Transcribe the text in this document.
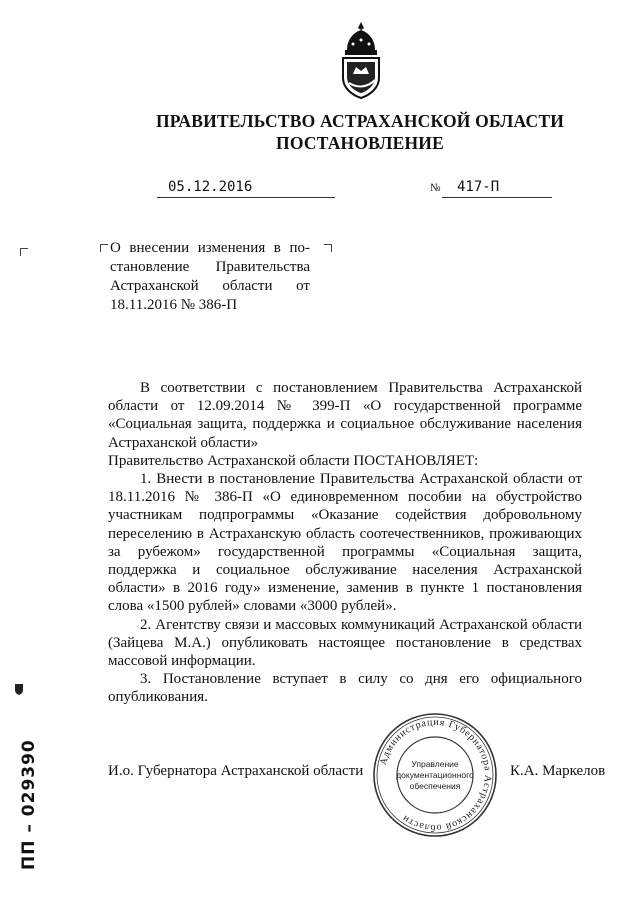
ПРАВИТЕЛЬСТВО АСТРАХАНСКОЙ ОБЛАСТИ
ПОСТАНОВЛЕНИЕ
05.12.2016	№ 417-П
О внесении изменения в по-
становление Правительства
Астраханской области от
18.11.2016 № 386-П

В соответствии с постановлением Правительства Астраханской области от 12.09.2014 № 399-П «О государственной программе «Социальная защита, поддержка и социальное обслуживание населения Астраханской области»

Правительство Астраханской области ПОСТАНОВЛЯЕТ:

1. Внести в постановление Правительства Астраханской области от 18.11.2016 № 386-П «О единовременном пособии на обустройство участникам подпрограммы «Оказание содействия добровольному переселению в Астраханскую область соотечественников, проживающих за рубежом» государственной программы «Социальная защита, поддержка и социальное обслуживание населения Астраханской области» в 2016 году» изменение, заменив в пункте 1 постановления слова «1500 рублей» словами «3000 рублей».

2. Агентству связи и массовых коммуникаций Астраханской области (Зайцева М.А.) опубликовать настоящее постановление в средствах массовой информации.

3. Постановление вступает в силу со дня его официального опубликования.

Администрация Губернатора Астраханской области
Управление
документационного
обеспечения
И.о. Губернатора Астраханской области	К.А. Маркелов
ПП – 029390
